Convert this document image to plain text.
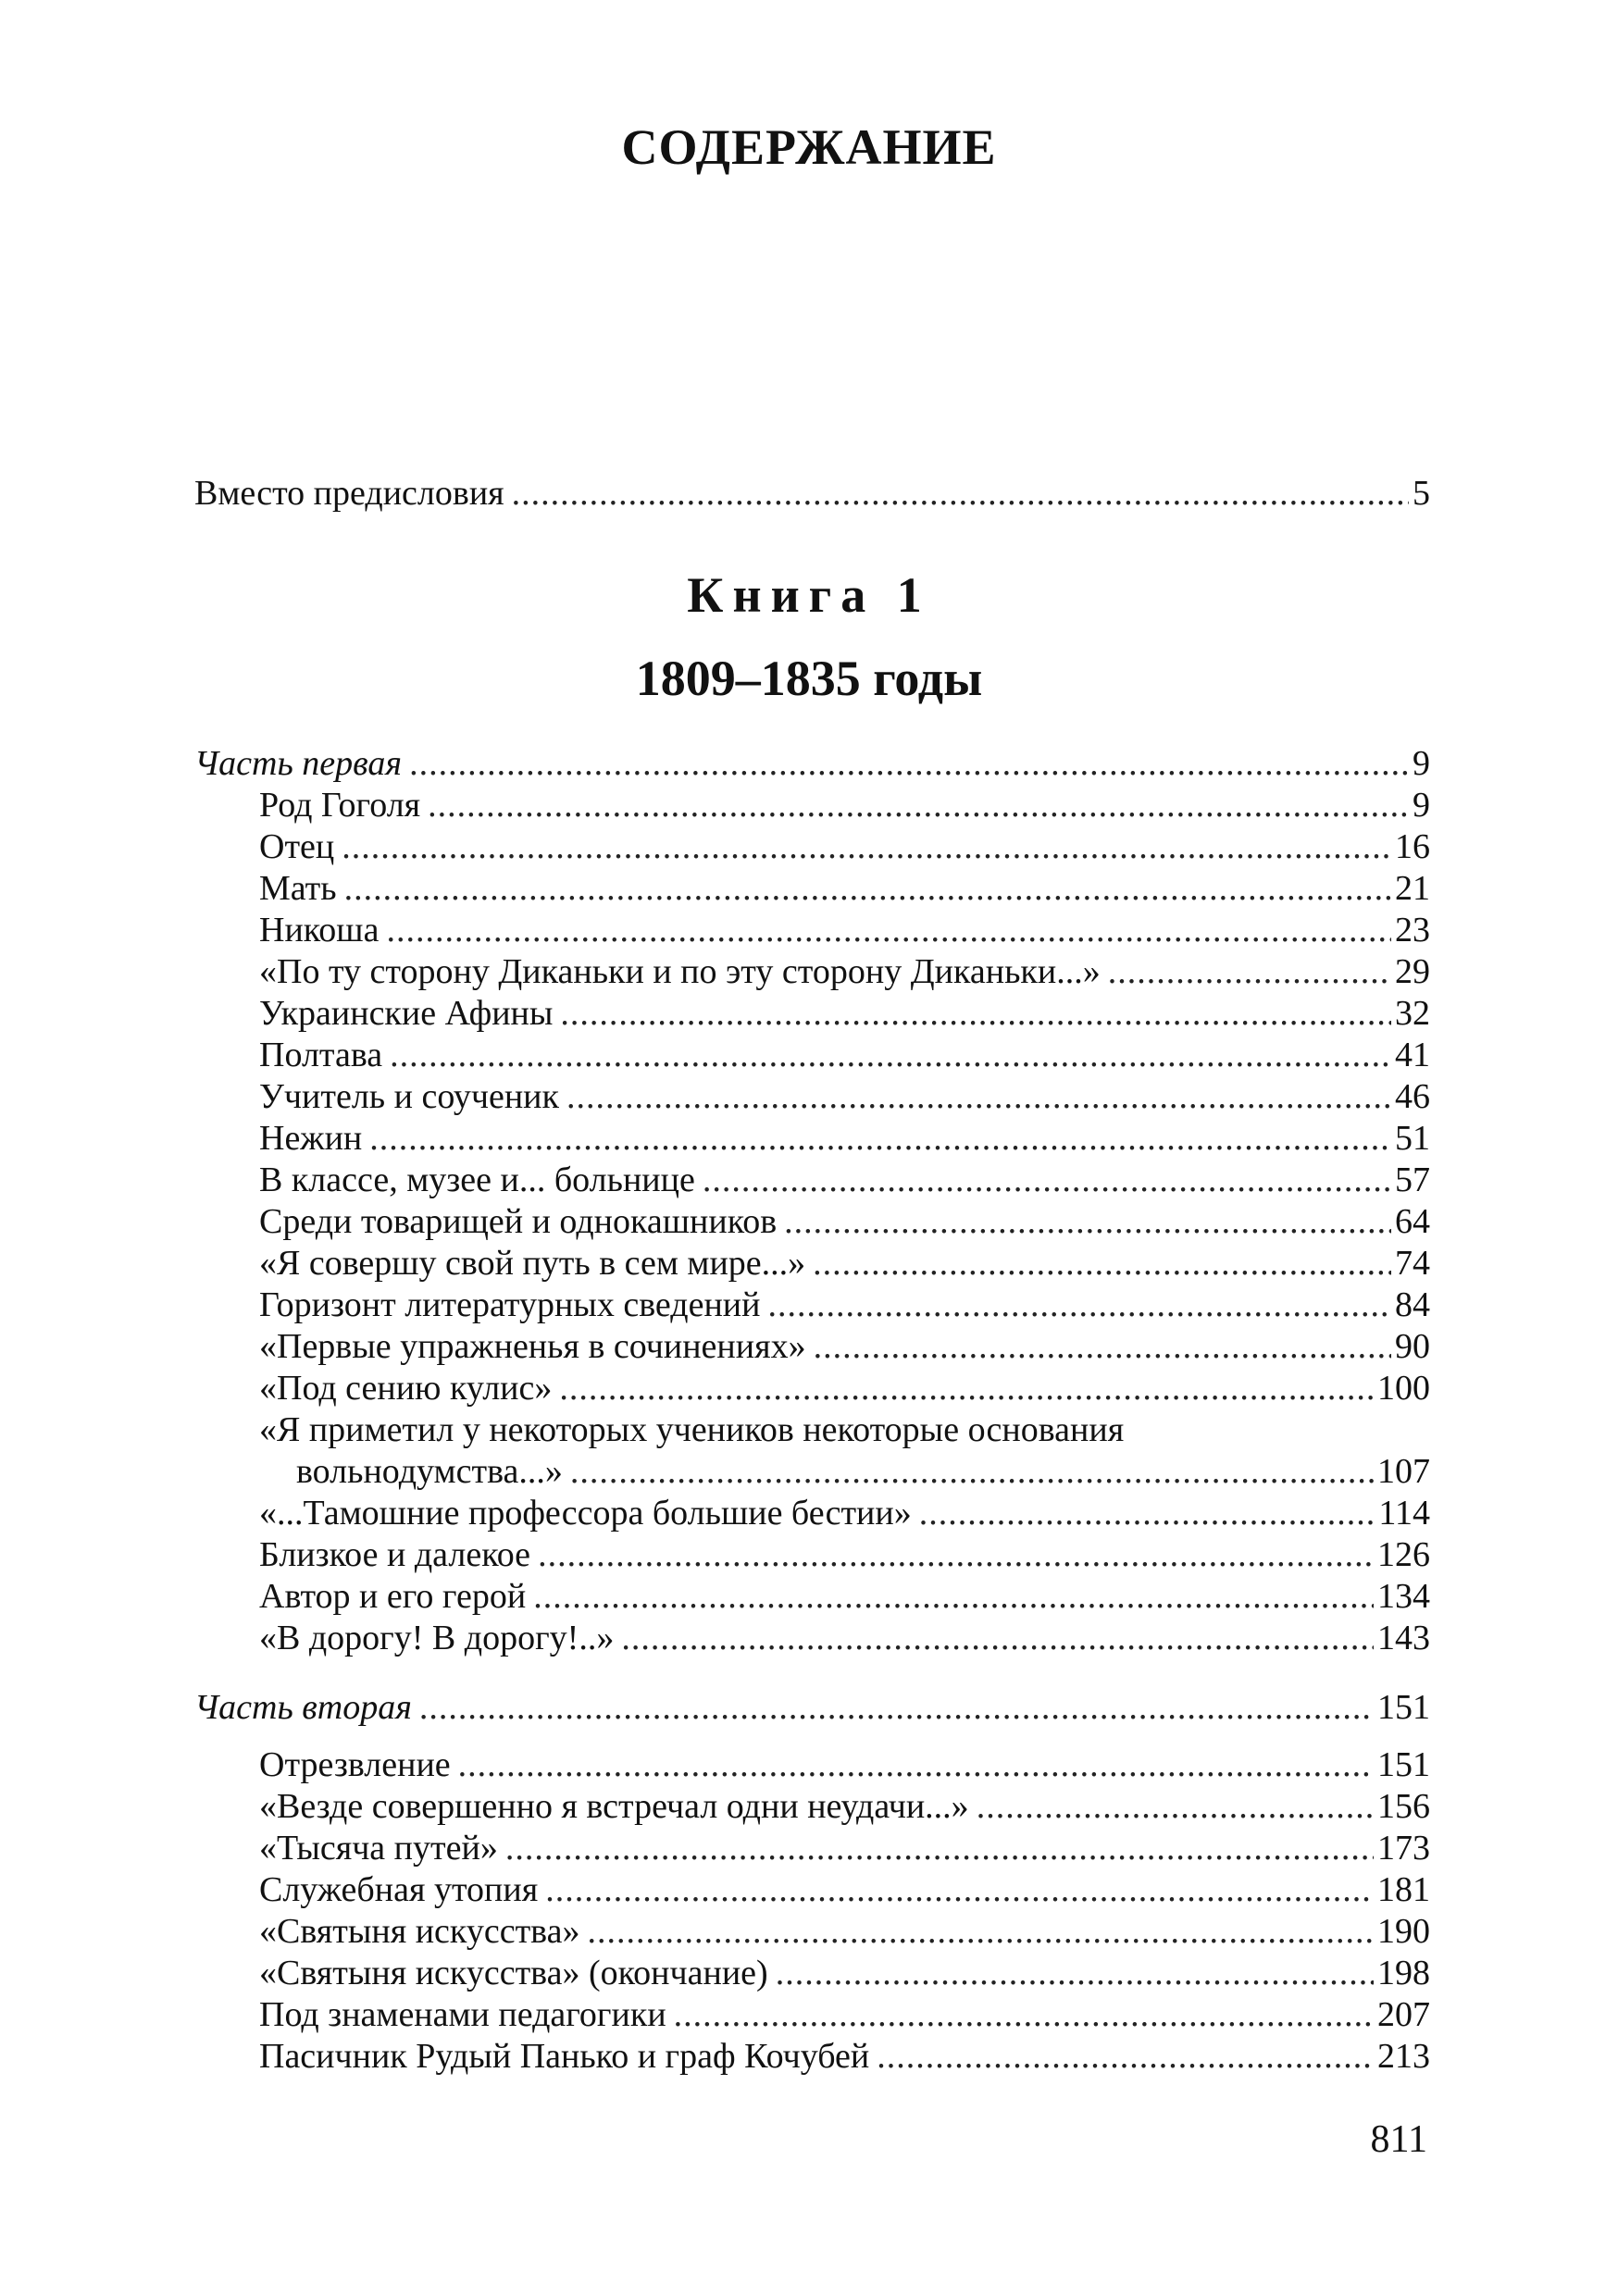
СОДЕРЖАНИЕ
Вместо предисловия .....	5
Книга 1
1809–1835 годы
Часть первая .....	9
Род Гоголя .....	9
Отец .....	16
Мать .....	21
Никоша .....	23
«По ту сторону Диканьки и по эту сторону Диканьки...» .....	29
Украинские Афины .....	32
Полтава .....	41
Учитель и соученик .....	46
Нежин .....	51
В классе, музее и... больнице .....	57
Среди товарищей и однокашников .....	64
«Я совершу свой путь в сем мире...» .....	74
Горизонт литературных сведений .....	84
«Первые упражненья в сочинениях» .....	90
«Под сению кулис» .....	100
«Я приметил у некоторых учеников некоторые основания
вольнодумства...» .....	107
«...Тамошние профессора большие бестии» .....	114
Близкое и далекое .....	126
Автор и его герой .....	134
«В дорогу! В дорогу!..» .....	143
Часть вторая .....	151
Отрезвление .....	151
«Везде совершенно я встречал одни неудачи...» .....	156
«Тысяча путей» .....	173
Служебная утопия .....	181
«Святыня искусства» .....	190
«Святыня искусства» (окончание) .....	198
Под знаменами педагогики .....	207
Пасичник Рудый Панько и граф Кочубей .....	213
811
